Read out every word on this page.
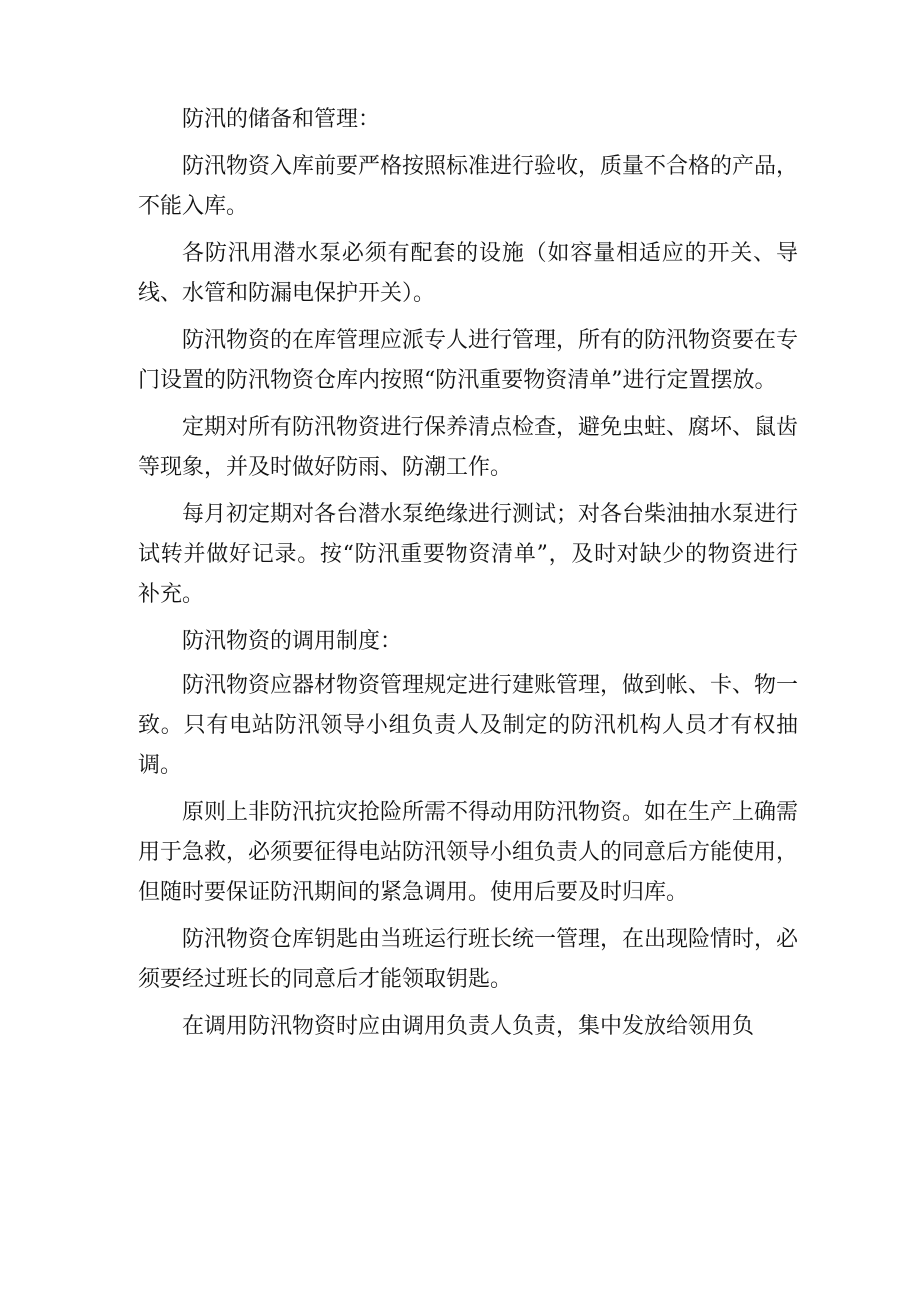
防汛的储备和管理：

防汛物资入库前要严格按照标准进行验收，质量不合格的产品，不能入库。

各防汛用潜水泵必须有配套的设施（如容量相适应的开关、导线、水管和防漏电保护开关）。

防汛物资的在库管理应派专人进行管理，所有的防汛物资要在专门设置的防汛物资仓库内按照“防汛重要物资清单”进行定置摆放。

定期对所有防汛物资进行保养清点检查，避免虫蛀、腐坏、鼠齿等现象，并及时做好防雨、防潮工作。

每月初定期对各台潜水泵绝缘进行测试；对各台柴油抽水泵进行试转并做好记录。按“防汛重要物资清单”，及时对缺少的物资进行补充。

防汛物资的调用制度：

防汛物资应器材物资管理规定进行建账管理，做到帐、卡、物一致。只有电站防汛领导小组负责人及制定的防汛机构人员才有权抽调。

原则上非防汛抗灾抢险所需不得动用防汛物资。如在生产上确需用于急救，必须要征得电站防汛领导小组负责人的同意后方能使用，但随时要保证防汛期间的紧急调用。使用后要及时归库。

防汛物资仓库钥匙由当班运行班长统一管理，在出现险情时，必须要经过班长的同意后才能领取钥匙。

在调用防汛物资时应由调用负责人负责，集中发放给领用负
